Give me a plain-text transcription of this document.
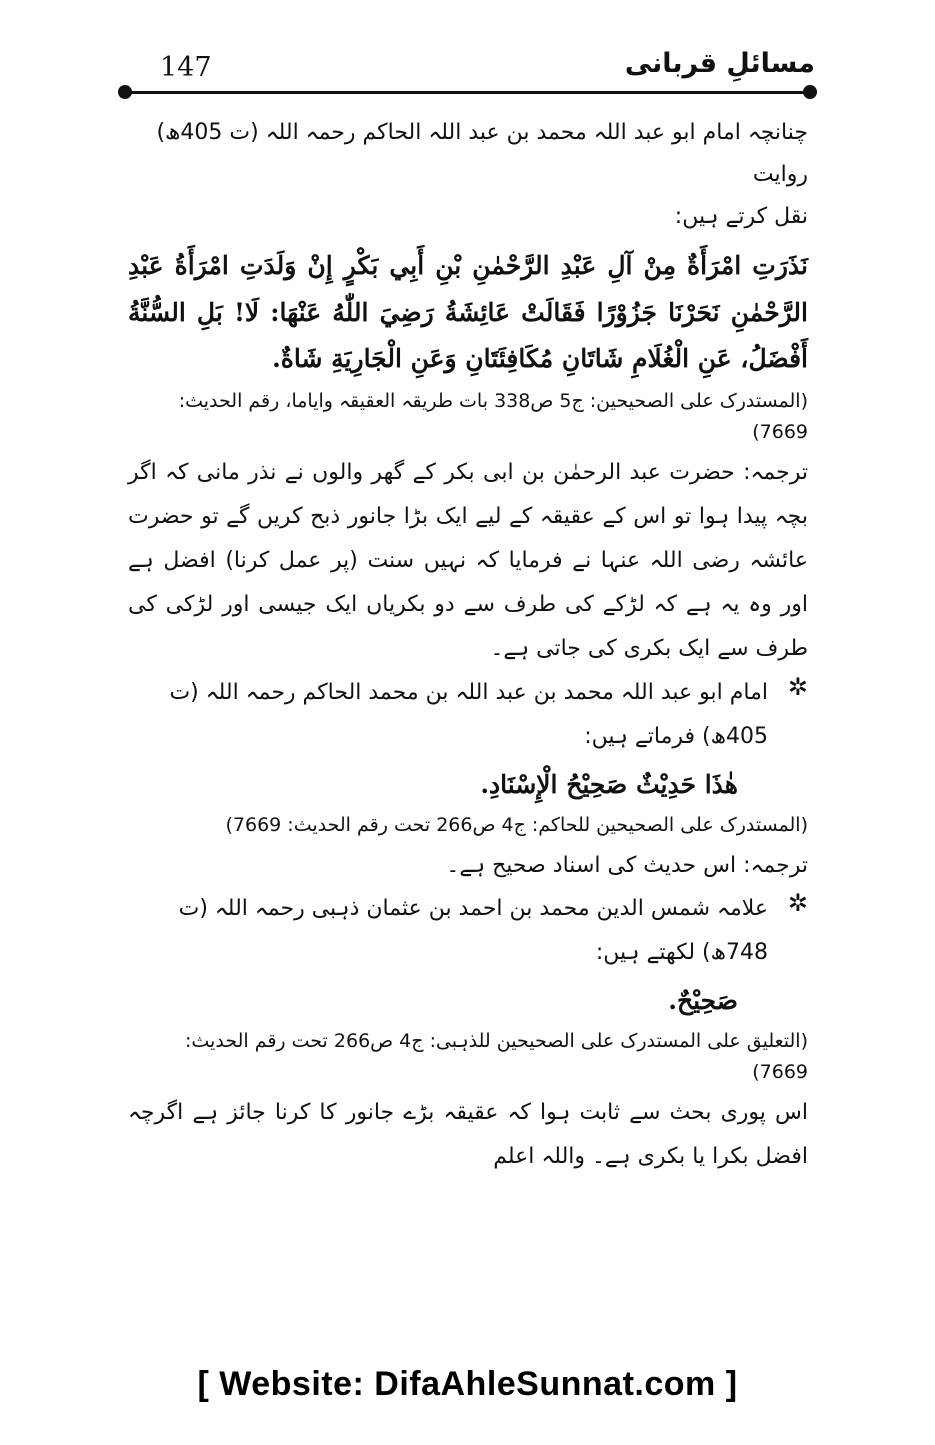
147	مسائلِ قربانی

چنانچہ امام ابو عبد اللہ محمد بن عبد اللہ الحاکم رحمہ اللہ (ت 405ھ) روایت

نقل کرتے ہیں:

نَذَرَتِ امْرَأَةٌ مِنْ آلِ عَبْدِ الرَّحْمٰنِ بْنِ أَبِي بَكْرٍ إِنْ وَلَدَتِ امْرَأَةُ عَبْدِ الرَّحْمٰنِ نَحَرْنَا جَزُوْرًا فَقَالَتْ عَائِشَةُ رَضِيَ اللّٰهُ عَنْهَا: لَا! بَلِ السُّنَّةُ أَفْضَلُ، عَنِ الْغُلَامِ شَاتَانِ مُكَافِئَتَانِ وَعَنِ الْجَارِيَةِ شَاةٌ.

(المستدرک علی الصحیحین: ج5 ص338 بات طریقہ العقیقہ وایاما، رقم الحدیث: 7669)

ترجمہ: حضرت عبد الرحمٰن بن ابی بکر کے گھر والوں نے نذر مانی کہ اگر بچہ پیدا ہوا تو اس کے عقیقہ کے لیے ایک بڑا جانور ذبح کریں گے تو حضرت عائشہ رضی اللہ عنہا نے فرمایا کہ نہیں سنت (پر عمل کرنا) افضل ہے اور وہ یہ ہے کہ لڑکے کی طرف سے دو بکریاں ایک جیسی اور لڑکی کی طرف سے ایک بکری کی جاتی ہے۔

✲
امام ابو عبد اللہ محمد بن عبد اللہ بن محمد الحاکم رحمہ اللہ (ت 405ھ) فرماتے ہیں:

هٰذَا حَدِيْثٌ صَحِيْحُ الْإِسْنَادِ.

(المستدرک علی الصحیحین للحاکم: ج4 ص266 تحت رقم الحدیث: 7669)

ترجمہ: اس حدیث کی اسناد صحیح ہے۔

✲
علامہ شمس الدین محمد بن احمد بن عثمان ذہبی رحمہ اللہ (ت 748ھ) لکھتے ہیں:

صَحِيْحٌ.

(التعلیق علی المستدرک علی الصحیحین للذہبی: ج4 ص266 تحت رقم الحدیث: 7669)

اس پوری بحث سے ثابت ہوا کہ عقیقہ بڑے جانور کا کرنا جائز ہے اگرچہ افضل بکرا یا بکری ہے۔ واللہ اعلم

[ Website: DifaAhleSunnat.com ]
